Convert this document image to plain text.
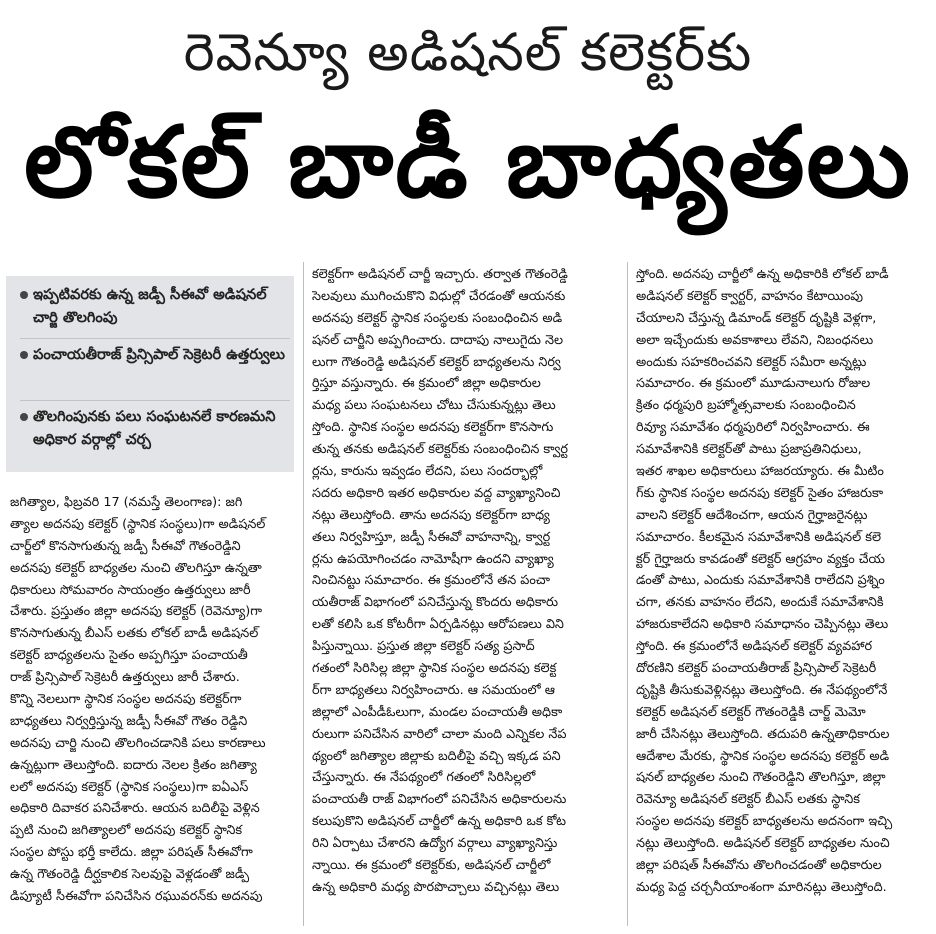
రెవెన్యూ అడిషనల్ కలెక్టర్‌కు
లోకల్ బాడీ బాధ్యతలు
ఇప్పటివరకు ఉన్న జడ్పీ సీఈవో అడిషనల్ చార్జి తొలగింపు
పంచాయతీరాజ్ ప్రిన్సిపాల్ సెక్రెటరీ ఉత్తర్వులు
తొలగింపునకు పలు సంఘటనలే కారణమని అధికార వర్గాల్లో చర్చ
జగిత్యాల, ఫిబ్రవరి 17 (నమస్తే తెలంగాణ): జగి
త్యాల అదనపు కలెక్టర్ (స్థానిక సంస్థలు)గా అడిషనల్
చార్జ్‌లో కొనసాగుతున్న జడ్పీ సీఈవో గౌతంరెడ్డిని
అదనపు కలెక్టర్ బాధ్యతల నుంచి తొలగిస్తూ ఉన్నతా
ధికారులు సోమవారం సాయంత్రం ఉత్తర్వులు జారీ
చేశారు. ప్రస్తుతం జిల్లా అదనపు కలెక్టర్ (రెవెన్యూ)గా
కొనసాగుతున్న బీఎస్ లతకు లోకల్ బాడీ అడిషనల్
కలెక్టర్ బాధ్యతలను సైతం అప్పగిస్తూ పంచాయతీ
రాజ్ ప్రిన్సిపాల్ సెక్రెటరీ ఉత్తర్వులు జారీ చేశారు.
కొన్ని నెలలుగా స్థానిక సంస్థల అదనపు కలెక్టర్‌గా
బాధ్యతలు నిర్వర్తిస్తున్న జడ్పీ సీఈవో గౌతం రెడ్డిని
అదనపు చార్జి నుంచి తొలగించడానికి పలు కారణాలు
ఉన్నట్లుగా తెలుస్తోంది. ఐదారు నెలల క్రితం జగిత్యా
లలో అదనపు కలెక్టర్ (స్థానిక సంస్థలు)గా ఐఏఎస్
అధికారి దివాకర పనిచేశారు. ఆయన బదిలీపై వెళ్లిన
ప్పటి నుంచి జగిత్యాలలో అదనపు కలెక్టర్ స్థానిక
సంస్థల పోస్టు భర్తీ కాలేదు. జిల్లా పరిషత్ సీఈవోగా
ఉన్న గౌతంరెడ్డి దీర్ఘకాలిక సెలవుపై వెళ్లడంతో జడ్పీ
డిప్యూటీ సీఈవోగా పనిచేసిన రఘువరన్‌కు అదనపు
కలెక్టర్‌గా అడిషనల్ చార్జీ ఇచ్చారు. తర్వాత గౌతంరెడ్డి
సెలవులు ముగించుకొని విధుల్లో చేరడంతో ఆయనకు
అదనపు కలెక్టర్ స్థానిక సంస్థలకు సంబంధించిన అడి
షనల్ చార్జీని అప్పగించారు. దాదాపు నాలుగైదు నెల
లుగా గౌతంరెడ్డి అడిషనల్ కలెక్టర్ బాధ్యతలను నిర్వ
ర్తిస్తూ వస్తున్నారు. ఈ క్రమంలో జిల్లా అధికారుల
మధ్య పలు సంఘటనలు చోటు చేసుకున్నట్లు తెలు
స్తోంది. స్థానిక సంస్థల అదనపు కలెక్టర్‌గా కొనసాగు
తున్న తనకు అడిషనల్ కలెక్టర్‌కు సంబంధించిన క్వార్ట
ర్లను, కారును ఇవ్వడం లేదని, పలు సందర్భాల్లో
సదరు అధికారి ఇతర అధికారుల వద్ద వ్యాఖ్యానించి
నట్లు తెలుస్తోంది. తాను అదనపు కలెక్టర్‌గా బాధ్య
తలు నిర్వహిస్తూ, జడ్పీ సీఈవో వాహనాన్ని, క్వార్ట
ర్లను ఉపయోగించడం నామోషీగా ఉందని వ్యాఖ్యా
నించినట్టు సమాచారం. ఈ క్రమంలోనే తన పంచా
యతీరాజ్ విభాగంలో పనిచేస్తున్న కొందరు అధికారు
లతో కలిసి ఒక కోటరీగా ఏర్పడినట్లు ఆరోపణలు విని
పిస్తున్నాయి. ప్రస్తుత జిల్లా కలెక్టర్ సత్య ప్రసాద్
గతంలో సిరిసిల్ల జిల్లా స్థానిక సంస్థల అదనపు కలెక్ట
ర్‌గా బాధ్యతలు నిర్వహించారు. ఆ సమయంలో ఆ
జిల్లాలో ఎంపీడీఓలుగా, మండల పంచాయతీ అధికా
రులుగా పనిచేసిన వారిలో చాలా మంది ఎన్నికల నేప
థ్యంలో జగిత్యాల జిల్లాకు బదిలీపై వచ్చి ఇక్కడ పని
చేస్తున్నారు. ఈ నేపథ్యంలో గతంలో సిరిసిల్లలో
పంచాయతీ రాజ్ విభాగంలో పనిచేసిన అధికారులను
కలుపుకొని అడిషనల్ చార్జీలో ఉన్న అధికారి ఒక కోట
రిని ఏర్పాటు చేశారని ఉద్యోగ వర్గాలు వ్యాఖ్యానిస్తు
న్నాయి. ఈ క్రమంలో కలెక్టర్‌కు, అడిషనల్ చార్జీలో
ఉన్న అధికారి మధ్య పొరపొచ్చాలు వచ్చినట్లు తెలు
స్తోంది. అదనపు చార్జీలో ఉన్న అధికారికి లోకల్ బాడీ
అడిషనల్ కలెక్టర్ క్వార్టర్, వాహనం కేటాయింపు
చేయాలని చేస్తున్న డిమాండ్ కలెక్టర్ దృష్టికి వెళ్లగా,
అలా ఇచ్చేందుకు అవకాశాలు లేవని, నిబంధనలు
అందుకు సహకరించవని కలెక్టర్ సమీరా అన్నట్లు
సమాచారం. ఈ క్రమంలో మూడునాలుగు రోజుల
క్రితం ధర్మపురి బ్రహ్మోత్సవాలకు సంబంధించిన
రివ్యూ సమావేశం ధర్మపురిలో నిర్వహించారు. ఈ
సమావేశానికి కలెక్టర్‌తో పాటు ప్రజాప్రతినిధులు,
ఇతర శాఖల అధికారులు హాజరయ్యారు. ఈ మీటిం
గ్‌కు స్థానిక సంస్థల అదనపు కలెక్టర్ సైతం హాజరుకా
వాలని కలెక్టర్ ఆదేశించగా, ఆయన గైర్హాజరైనట్లు
సమాచారం. కీలకమైన సమావేశానికి అడిషనల్ కలె
క్టర్ గైర్హాజరు కావడంతో కలెక్టర్ ఆగ్రహం వ్యక్తం చేయ
డంతో పాటు, ఎందుకు సమావేశానికి రాలేదని ప్రశ్నిం
చగా, తనకు వాహనం లేదని, అందుకే సమావేశానికి
హాజరుకాలేదని అధికారి సమాధానం చెప్పినట్లు తెలు
స్తోంది. ఈ క్రమంలోనే అడిషనల్ కలెక్టర్ వ్యవహార
దోరణిని కలెక్టర్ పంచాయతీరాజ్ ప్రిన్సిపాల్ సెక్రెటరీ
దృష్టికి తీసుకువెళ్లినట్లు తెలుస్తోంది. ఈ నేపథ్యంలోనే
కలెక్టర్ అడిషనల్ కలెక్టర్ గౌతంరెడ్డికి చార్జ్ మెమో
జారీ చేసినట్లు తెలుస్తోంది. తదుపరి ఉన్నతాధికారుల
ఆదేశాల మేరకు, స్థానిక సంస్థల అదనపు కలెక్టర్ అడి
షనల్ బాధ్యతల నుంచి గౌతంరెడ్డిని తొలగిస్తూ, జిల్లా
రెవెన్యూ అడిషనల్ కలెక్టర్ బీఎస్ లతకు స్థానిక
సంస్థల అదనపు కలెక్టర్ బాధ్యతలను అదనంగా ఇచ్చి
నట్లు తెలుస్తోంది. అడిషనల్ కలెక్టర్ బాధ్యతల నుంచి
జిల్లా పరిషత్ సీఈవోను తొలగించడంతో అధికారుల
మధ్య పెద్ద చర్చనీయాంశంగా మారినట్లు తెలుస్తోంది.
